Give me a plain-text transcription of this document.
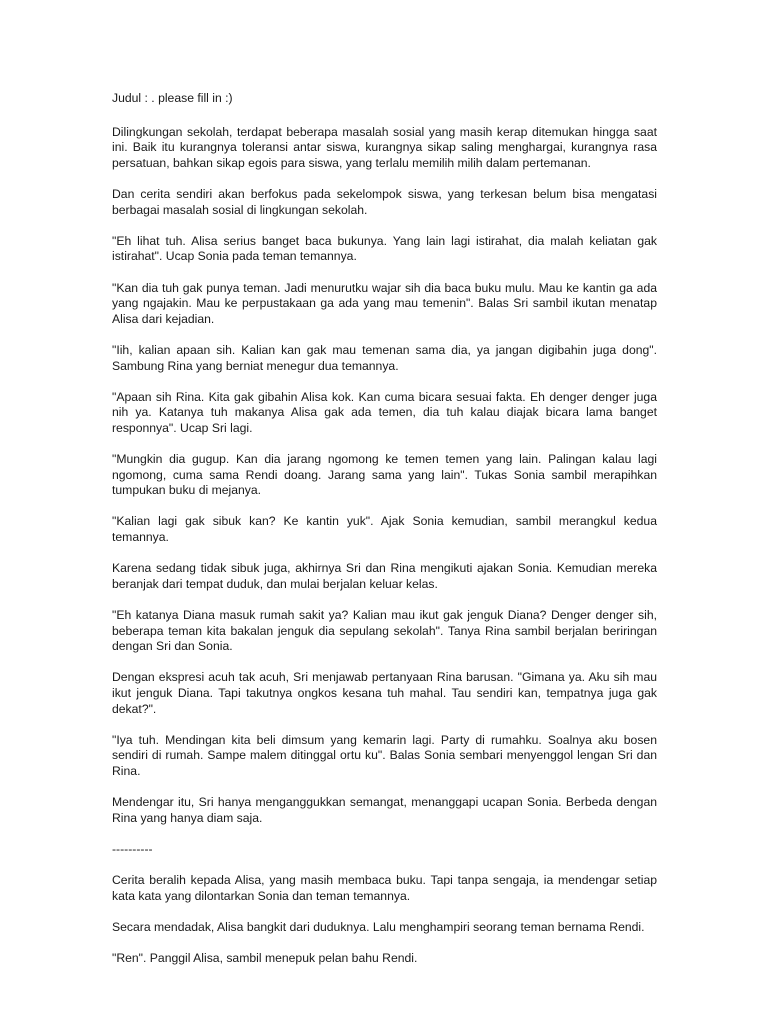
Judul : . please fill in :)

Dilingkungan sekolah, terdapat beberapa masalah sosial yang masih kerap ditemukan hingga saat ini. Baik itu kurangnya toleransi antar siswa, kurangnya sikap saling menghargai, kurangnya rasa persatuan, bahkan sikap egois para siswa, yang terlalu memilih milih dalam pertemanan.

Dan cerita sendiri akan berfokus pada sekelompok siswa, yang terkesan belum bisa mengatasi berbagai masalah sosial di lingkungan sekolah.

"Eh lihat tuh. Alisa serius banget baca bukunya. Yang lain lagi istirahat, dia malah keliatan gak istirahat". Ucap Sonia pada teman temannya.

"Kan dia tuh gak punya teman. Jadi menurutku wajar sih dia baca buku mulu. Mau ke kantin ga ada yang ngajakin. Mau ke perpustakaan ga ada yang mau temenin". Balas Sri sambil ikutan menatap Alisa dari kejadian.

"Iih, kalian apaan sih. Kalian kan gak mau temenan sama dia, ya jangan digibahin juga dong". Sambung Rina yang berniat menegur dua temannya.

"Apaan sih Rina. Kita gak gibahin Alisa kok. Kan cuma bicara sesuai fakta. Eh denger denger juga nih ya. Katanya tuh makanya Alisa gak ada temen, dia tuh kalau diajak bicara lama banget responnya". Ucap Sri lagi.

"Mungkin dia gugup. Kan dia jarang ngomong ke temen temen yang lain. Palingan kalau lagi ngomong, cuma sama Rendi doang. Jarang sama yang lain". Tukas Sonia sambil merapihkan tumpukan buku di mejanya.

"Kalian lagi gak sibuk kan? Ke kantin yuk". Ajak Sonia kemudian, sambil merangkul kedua temannya.

Karena sedang tidak sibuk juga, akhirnya Sri dan Rina mengikuti ajakan Sonia. Kemudian mereka beranjak dari tempat duduk, dan mulai berjalan keluar kelas.

"Eh katanya Diana masuk rumah sakit ya? Kalian mau ikut gak jenguk Diana? Denger denger sih, beberapa teman kita bakalan jenguk dia sepulang sekolah". Tanya Rina sambil berjalan beriringan dengan Sri dan Sonia.

Dengan ekspresi acuh tak acuh, Sri menjawab pertanyaan Rina barusan. "Gimana ya. Aku sih mau ikut jenguk Diana. Tapi takutnya ongkos kesana tuh mahal. Tau sendiri kan, tempatnya juga gak dekat?".

"Iya tuh. Mendingan kita beli dimsum yang kemarin lagi. Party di rumahku. Soalnya aku bosen sendiri di rumah. Sampe malem ditinggal ortu ku". Balas Sonia sembari menyenggol lengan Sri dan Rina.

Mendengar itu, Sri hanya menganggukkan semangat, menanggapi ucapan Sonia. Berbeda dengan Rina yang hanya diam saja.

----------

Cerita beralih kepada Alisa, yang masih membaca buku. Tapi tanpa sengaja, ia mendengar setiap kata kata yang dilontarkan Sonia dan teman temannya.

Secara mendadak, Alisa bangkit dari duduknya. Lalu menghampiri seorang teman bernama Rendi.

"Ren". Panggil Alisa, sambil menepuk pelan bahu Rendi.
